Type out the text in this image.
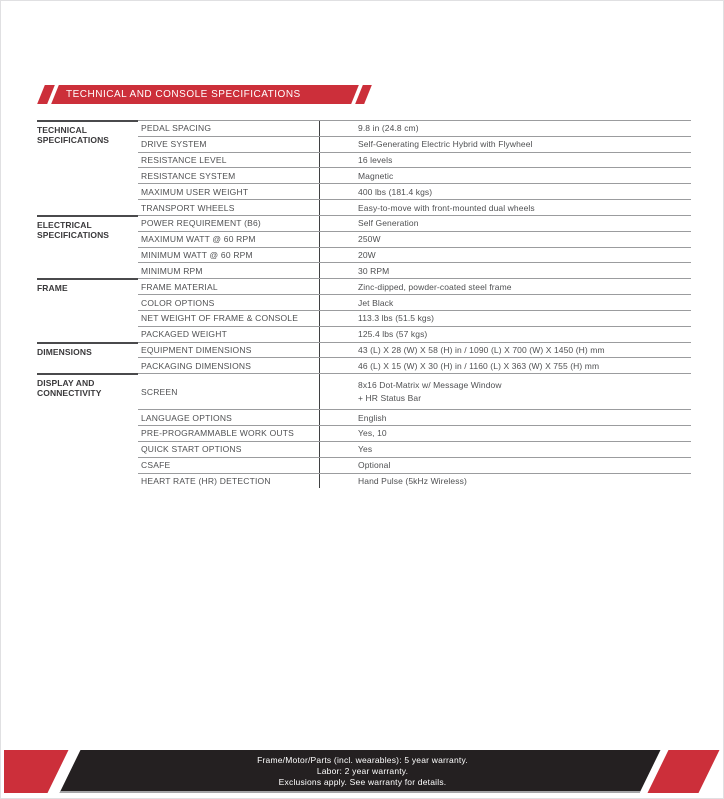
TECHNICAL AND CONSOLE SPECIFICATIONS
TECHNICAL SPECIFICATIONS
PEDAL SPACING	9.8 in (24.8 cm)
DRIVE SYSTEM	Self-Generating Electric Hybrid with Flywheel
RESISTANCE LEVEL	16 levels
RESISTANCE SYSTEM	Magnetic
MAXIMUM USER WEIGHT	400 lbs (181.4 kgs)
TRANSPORT WHEELS	Easy-to-move with front-mounted dual wheels
ELECTRICAL SPECIFICATIONS
POWER REQUIREMENT (B6)	Self Generation
MAXIMUM WATT @ 60 RPM	250W
MINIMUM WATT @ 60 RPM	20W
MINIMUM RPM	30 RPM
FRAME	FRAME MATERIAL	Zinc-dipped, powder-coated steel frame
COLOR OPTIONS	Jet Black
NET WEIGHT OF FRAME & CONSOLE	113.3 lbs (51.5 kgs)
PACKAGED WEIGHT	125.4 lbs (57 kgs)
DIMENSIONS	EQUIPMENT DIMENSIONS	43 (L) X 28 (W) X 58 (H) in / 1090 (L) X 700 (W) X 1450 (H) mm
PACKAGING DIMENSIONS	46 (L) X 15 (W) X 30 (H) in / 1160 (L) X 363 (W) X 755 (H) mm
DISPLAY AND CONNECTIVITY	SCREEN
8x16 Dot-Matrix w/ Message Window
+ HR Status Bar
LANGUAGE OPTIONS	English
PRE-PROGRAMMABLE WORK OUTS	Yes, 10
QUICK START OPTIONS	Yes
CSAFE	Optional
HEART RATE (HR) DETECTION	Hand Pulse (5kHz Wireless)
Frame/Motor/Parts (incl. wearables): 5 year warranty.
Labor: 2 year warranty.
Exclusions apply. See warranty for details.
